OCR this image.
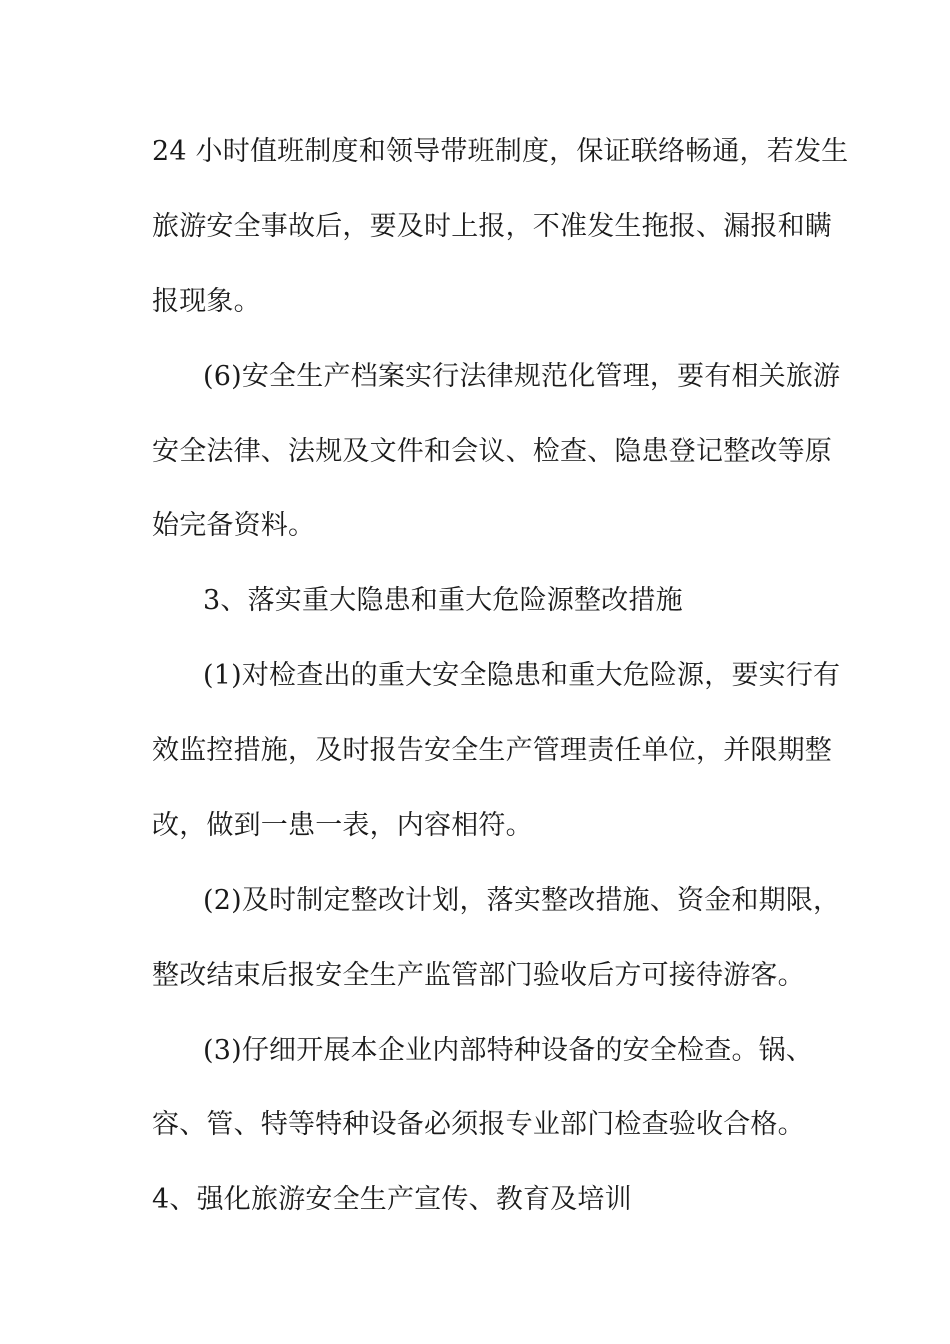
24 小时值班制度和领导带班制度，保证联络畅通，若发生
旅游安全事故后，要及时上报，不准发生拖报、漏报和瞒
报现象。
(6)安全生产档案实行法律规范化管理，要有相关旅游
安全法律、法规及文件和会议、检查、隐患登记整改等原
始完备资料。
3、落实重大隐患和重大危险源整改措施
(1)对检查出的重大安全隐患和重大危险源，要实行有
效监控措施，及时报告安全生产管理责任单位，并限期整
改，做到一患一表，内容相符。
(2)及时制定整改计划，落实整改措施、资金和期限，
整改结束后报安全生产监管部门验收后方可接待游客。
(3)仔细开展本企业内部特种设备的安全检查。锅、
容、管、特等特种设备必须报专业部门检查验收合格。
4、强化旅游安全生产宣传、教育及培训
